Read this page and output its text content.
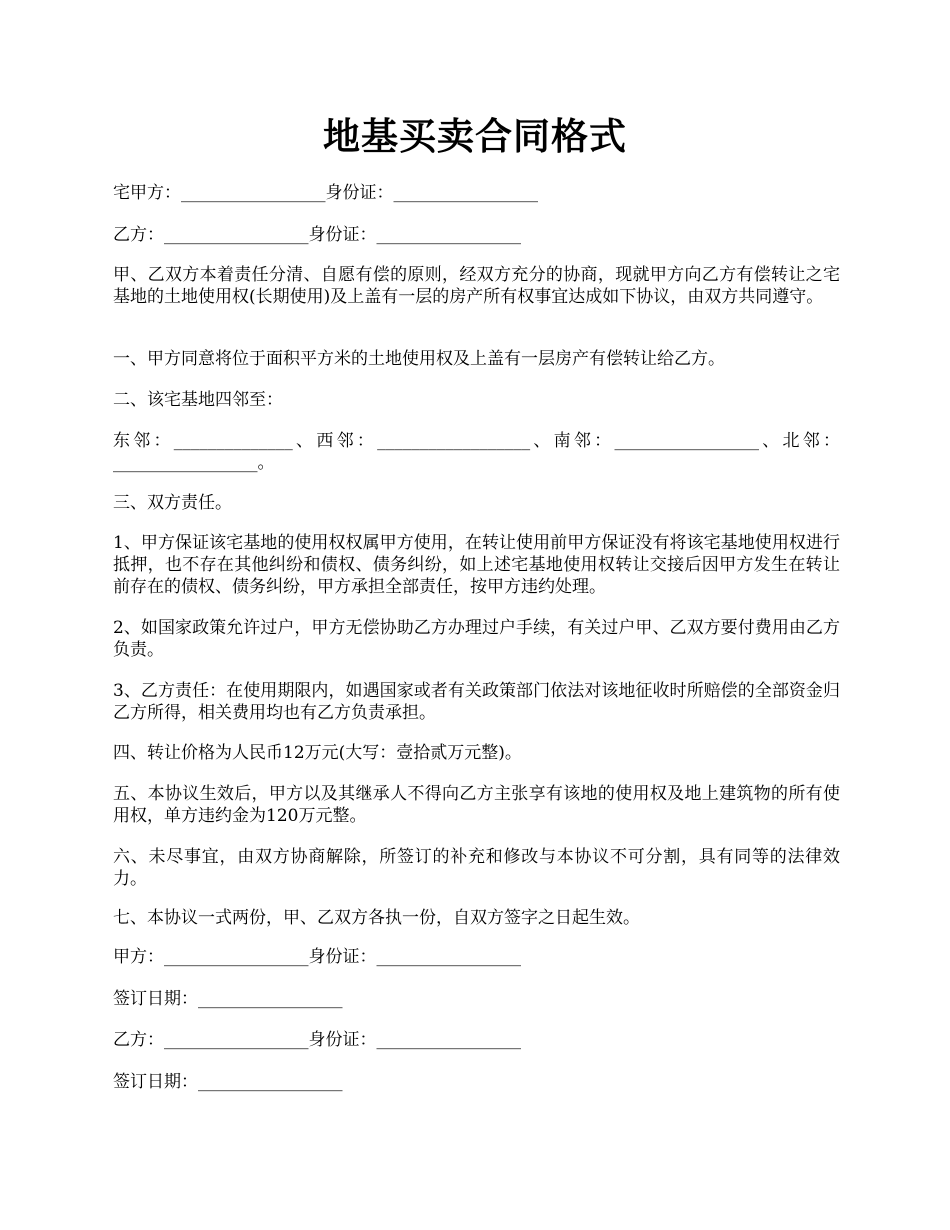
地基买卖合同格式

宅甲方：_________________身份证：_________________

乙方：_________________身份证：_________________

甲、乙双方本着责任分清、自愿有偿的原则，经双方充分的协商，现就甲方向乙方有偿转让之宅基地的土地使用权(长期使用)及上盖有一层的房产所有权事宜达成如下协议，由双方共同遵守。

一、甲方同意将位于面积平方米的土地使用权及上盖有一层房产有偿转让给乙方。

二、该宅基地四邻至：

东邻：______________、西邻：__________________、南邻：_________________、北邻：_________________。

三、双方责任。

1、甲方保证该宅基地的使用权权属甲方使用，在转让使用前甲方保证没有将该宅基地使用权进行抵押，也不存在其他纠纷和债权、债务纠纷，如上述宅基地使用权转让交接后因甲方发生在转让前存在的债权、债务纠纷，甲方承担全部责任，按甲方违约处理。

2、如国家政策允许过户，甲方无偿协助乙方办理过户手续，有关过户甲、乙双方要付费用由乙方负责。

3、乙方责任：在使用期限内，如遇国家或者有关政策部门依法对该地征收时所赔偿的全部资金归乙方所得，相关费用均也有乙方负责承担。

四、转让价格为人民币12万元(大写：壹拾贰万元整)。

五、本协议生效后，甲方以及其继承人不得向乙方主张享有该地的使用权及地上建筑物的所有使用权，单方违约金为120万元整。

六、未尽事宜，由双方协商解除，所签订的补充和修改与本协议不可分割，具有同等的法律效力。

七、本协议一式两份，甲、乙双方各执一份，自双方签字之日起生效。

甲方：_________________身份证：_________________

签订日期：_________________

乙方：_________________身份证：_________________

签订日期：_________________
